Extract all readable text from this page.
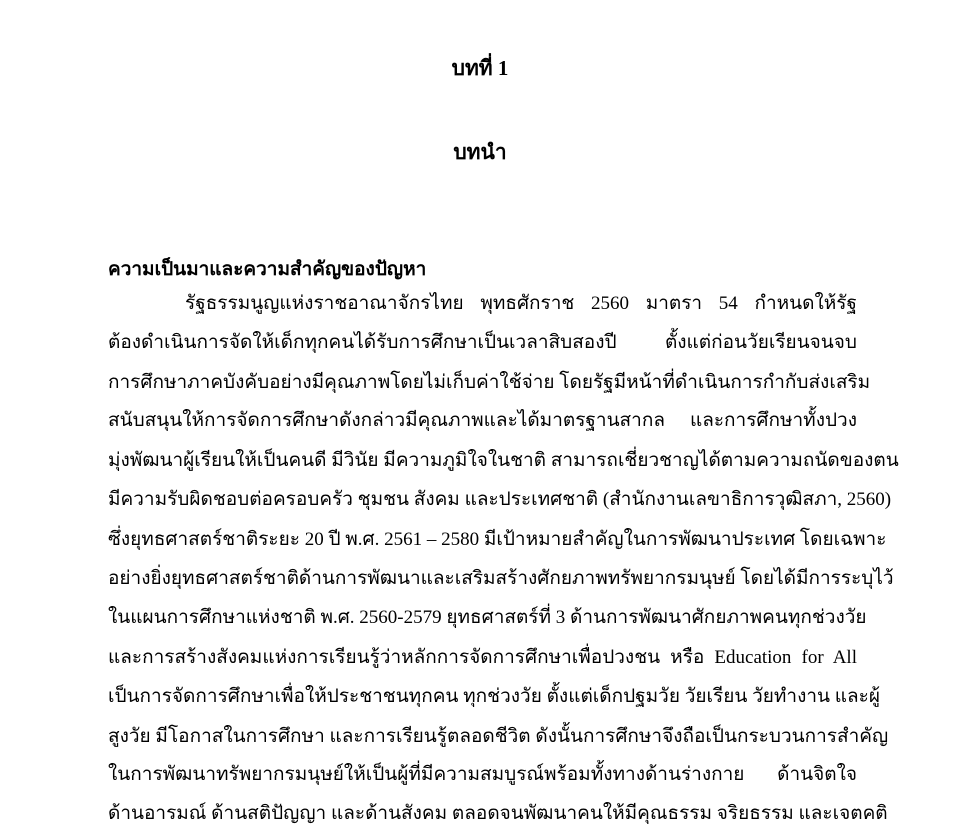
บทที่ 1
บทนำ
ความเป็นมาและความสำคัญของปัญหา
รัฐธรรมนูญแห่งราชอาณาจักรไทย พุทธศักราช 2560 มาตรา 54 กำหนดให้รัฐ
ต้องดำเนินการจัดให้เด็กทุกคนได้รับการศึกษาเป็นเวลาสิบสองปี ตั้งแต่ก่อนวัยเรียนจนจบ
การศึกษาภาคบังคับอย่างมีคุณภาพโดยไม่เก็บค่าใช้จ่าย โดยรัฐมีหน้าที่ดำเนินการกำกับส่งเสริม
สนับสนุนให้การจัดการศึกษาดังกล่าวมีคุณภาพและได้มาตรฐานสากล และการศึกษาทั้งปวง
มุ่งพัฒนาผู้เรียนให้เป็นคนดี มีวินัย มีความภูมิใจในชาติ สามารถเชี่ยวชาญได้ตามความถนัดของตน
มีความรับผิดชอบต่อครอบครัว ชุมชน สังคม และประเทศชาติ (สำนักงานเลขาธิการวุฒิสภา, 2560)
ซึ่งยุทธศาสตร์ชาติระยะ 20 ปี พ.ศ. 2561 – 2580 มีเป้าหมายสำคัญในการพัฒนาประเทศ โดยเฉพาะ
อย่างยิ่งยุทธศาสตร์ชาติด้านการพัฒนาและเสริมสร้างศักยภาพทรัพยากรมนุษย์ โดยได้มีการระบุไว้
ในแผนการศึกษาแห่งชาติ พ.ศ. 2560-2579 ยุทธศาสตร์ที่ 3 ด้านการพัฒนาศักยภาพคนทุกช่วงวัย
และการสร้างสังคมแห่งการเรียนรู้ว่าหลักการจัดการศึกษาเพื่อปวงชน หรือ Education for All
เป็นการจัดการศึกษาเพื่อให้ประชาชนทุกคน ทุกช่วงวัย ตั้งแต่เด็กปฐมวัย วัยเรียน วัยทำงาน และผู้
สูงวัย มีโอกาสในการศึกษา และการเรียนรู้ตลอดชีวิต ดังนั้นการศึกษาจึงถือเป็นกระบวนการสำคัญ
ในการพัฒนาทรัพยากรมนุษย์ให้เป็นผู้ที่มีความสมบูรณ์พร้อมทั้งทางด้านร่างกาย ด้านจิตใจ
ด้านอารมณ์ ด้านสติปัญญา และด้านสังคม ตลอดจนพัฒนาคนให้มีคุณธรรม จริยธรรม และเจตคติ
